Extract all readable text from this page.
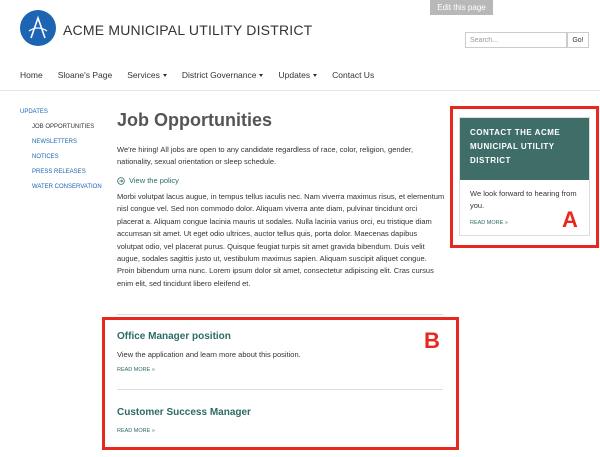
Edit this page
ACME MUNICIPAL UTILITY DISTRICT
Search...
Go!
Home Sloane's Page Services	District Governance	Updates	Contact Us
UPDATES
JOB OPPORTUNITIES
NEWSLETTERS
NOTICES
PRESS RELEASES
WATER CONSERVATION
Job Opportunities
We're hiring! All jobs are open to any candidate regardless of race, color, religion, gender, nationality, sexual orientation or sleep schedule.
View the policy
Morbi volutpat lacus augue, in tempus tellus iaculis nec. Nam viverra maximus risus, et elementum nisl congue vel. Sed non commodo dolor. Aliquam viverra ante diam, pulvinar tincidunt orci placerat a. Aliquam congue lacinia mauris ut sodales. Nulla lacinia varius orci, eu tristique diam accumsan sit amet. Ut eget odio ultrices, auctor tellus quis, porta dolor. Maecenas dapibus volutpat odio, vel placerat purus. Quisque feugiat turpis sit amet gravida bibendum. Duis velit augue, sodales sagittis justo ut, vestibulum maximus sapien. Aliquam suscipit aliquet congue. Proin bibendum urna nunc. Lorem ipsum dolor sit amet, consectetur adipiscing elit. Cras cursus enim elit, sed tincidunt libero eleifend et.
Office Manager position
View the application and learn more about this position.
READ MORE »
Customer Success Manager
READ MORE »
CONTACT THE ACME MUNICIPAL UTILITY DISTRICT
We look forward to hearing from you.
READ MORE »	A
B
